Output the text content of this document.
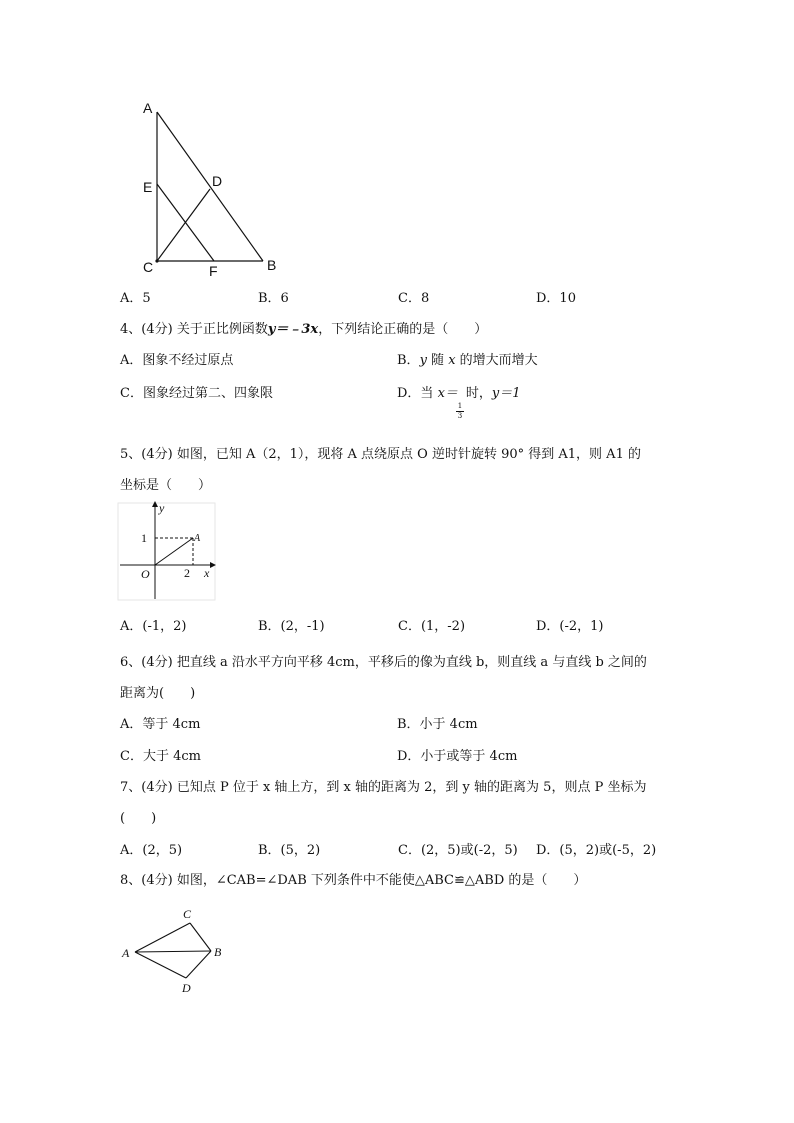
A
E	D
C	F	B
A．5	B．6	C．8	D．10
4、(4分) 关于正比例函数y＝﹣3x，下列结论正确的是（　　）
A．图象不经过原点	B．y 随 x 的增大而增大
C．图象经过第二、四象限	D．当 x＝ 时，y＝1
1
3
5、(4分) 如图，已知 A（2，1），现将 A 点绕原点 O 逆时针旋转 90° 得到 A1，则 A1 的
坐标是（　　）
y
x
1
2
O
A
A．(-1，2)	B．(2，-1)	C．(1，-2)	D．(-2，1)
6、(4分) 把直线 a 沿水平方向平移 4cm，平移后的像为直线 b，则直线 a 与直线 b 之间的
距离为(　　)
A．等于 4cm	B．小于 4cm
C．大于 4cm	D．小于或等于 4cm
7、(4分) 已知点 P 位于 x 轴上方，到 x 轴的距离为 2，到 y 轴的距离为 5，则点 P 坐标为
(　　)
A．(2，5)	B．(5，2)	C．(2，5)或(-2，5) D．(5，2)或(-5，2)
8、(4分) 如图，∠CAB=∠DAB 下列条件中不能使△ABC≌△ABD 的是（　　）
C
A	B
D
